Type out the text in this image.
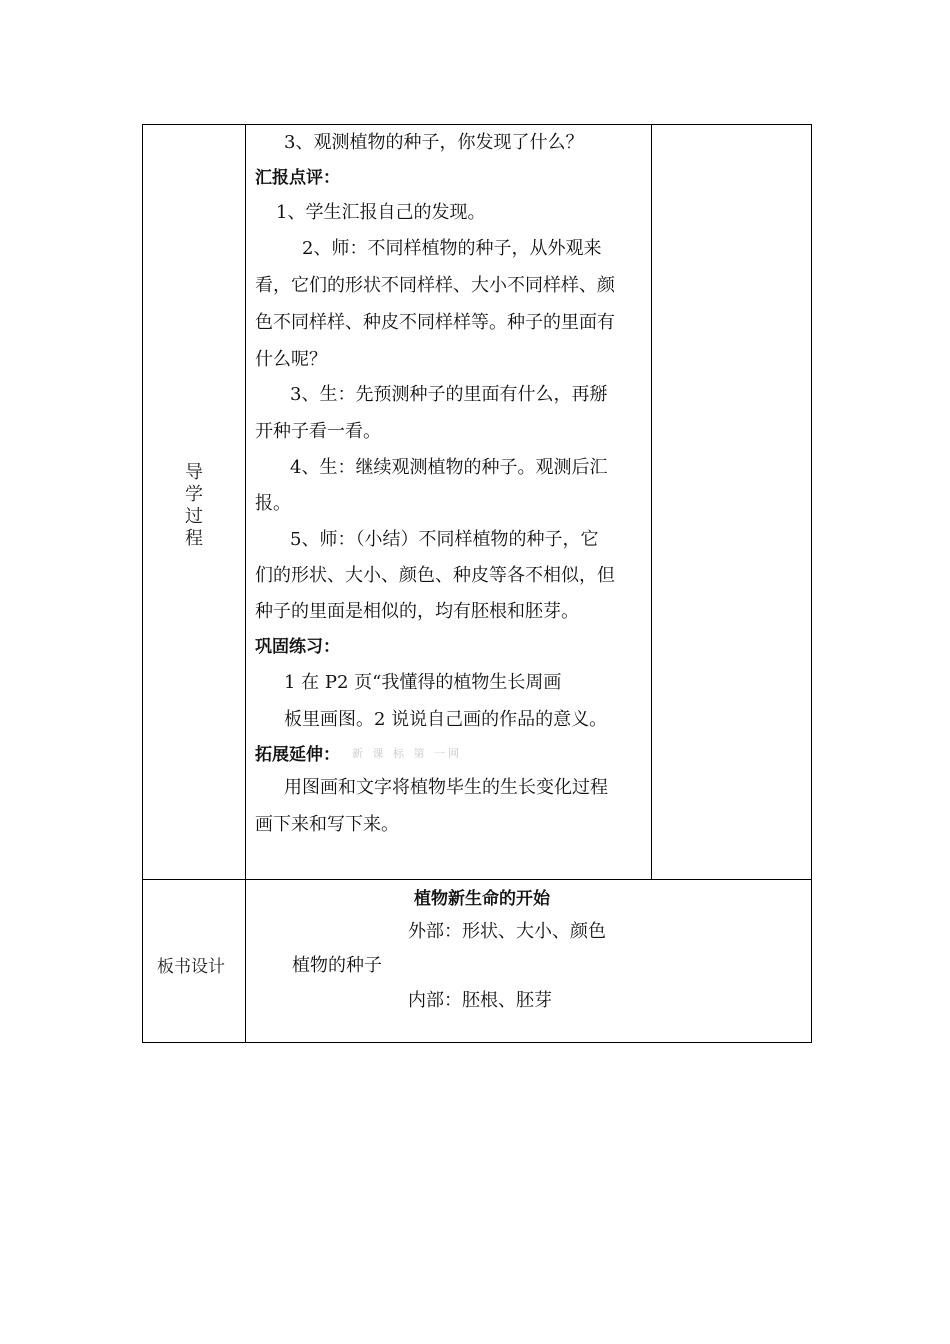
导
学
过
程
3、观测植物的种子，你发现了什么？
汇报点评：
1、学生汇报自己的发现。
2、师：不同样植物的种子，从外观来
看，它们的形状不同样样、大小不同样样、颜
色不同样样、种皮不同样样等。种子的里面有
什么呢？
3、生：先预测种子的里面有什么，再掰
开种子看一看。
4、生：继续观测植物的种子。观测后汇
报。
5、师：（小结）不同样植物的种子，它
们的形状、大小、颜色、种皮等各不相似，但
种子的里面是相似的，均有胚根和胚芽。
巩固练习：
1 在 P2 页“我懂得的植物生长周画
板里画图。2 说说自己画的作品的意义。
拓展延伸： 新 课 标 第 一网
用图画和文字将植物毕生的生长变化过程
画下来和写下来。
板书设计
植物新生命的开始
外部：形状、大小、颜色
植物的种子
内部：胚根、胚芽
